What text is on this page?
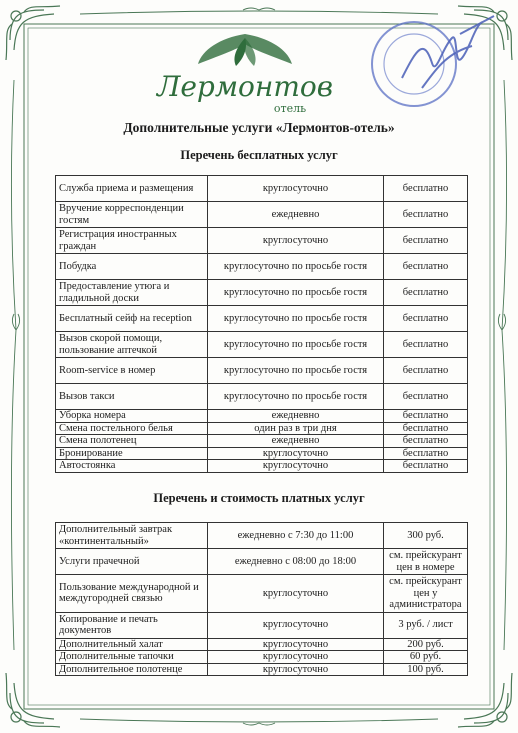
Лермонтов
отель
Дополнительные услуги «Лермонтов-отель»
Перечень бесплатных услуг
Служба приема и размещения	круглосуточно	бесплатно
Вручение корреспонденции гостям	ежедневно	бесплатно
Регистрация иностранных граждан	круглосуточно	бесплатно
Побудка	круглосуточно по просьбе гостя	бесплатно
Предоставление утюга и гладильной доски	круглосуточно по просьбе гостя	бесплатно
Бесплатный сейф на reception	круглосуточно по просьбе гостя	бесплатно
Вызов скорой помощи, пользование аптечкой	круглосуточно по просьбе гостя	бесплатно
Room-service в номер	круглосуточно по просьбе гостя	бесплатно
Вызов такси	круглосуточно по просьбе гостя	бесплатно
Уборка номера	ежедневно	бесплатно
Смена постельного белья	один раз в три дня	бесплатно
Смена полотенец	ежедневно	бесплатно
Бронирование	круглосуточно	бесплатно
Автостоянка	круглосуточно	бесплатно
Перечень и стоимость платных услуг
Дополнительный завтрак «континентальный»	ежедневно с 7:30 до 11:00	300 руб.
Услуги прачечной	ежедневно с 08:00 до 18:00	см. прейскурант цен в номере
Пользование международной и междугородней связью	круглосуточно	см. прейскурант цен у администратора
Копирование и печать документов	круглосуточно	3 руб. / лист
Дополнительный халат	круглосуточно	200 руб.
Дополнительные тапочки	круглосуточно	60 руб.
Дополнительное полотенце	круглосуточно	100 руб.
